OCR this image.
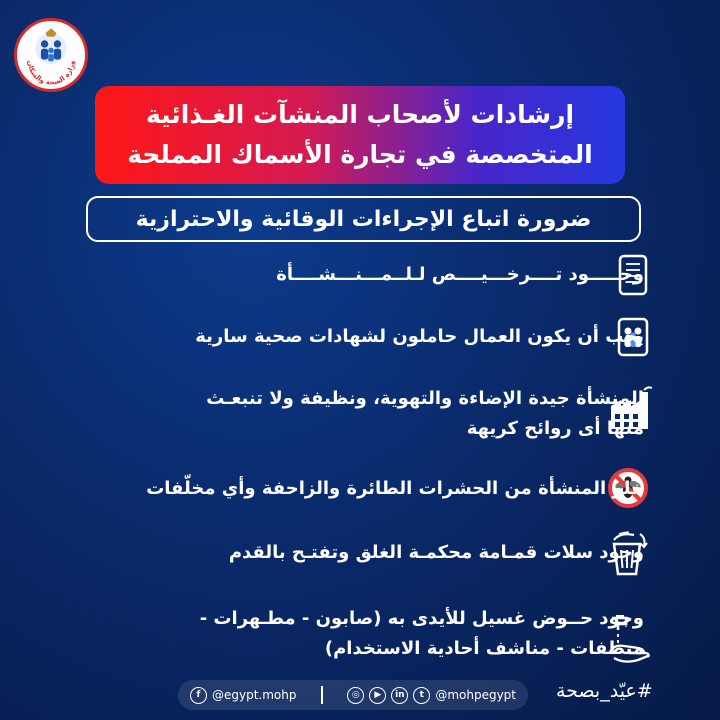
وزارة الصحة والسكان
إرشادات لأصحاب المنشآت الغـذائية
المتخصصة في تجارة الأسماك المملحة
ضرورة اتباع الإجراءات الوقائية والاحترازية
وجـــــود تــــرخـــيــــص لـلــمـــنـــشــــأة
يجب أن يكون العمال حاملون لشهادات صحية سارية
المنشأة جيدة الإضاءة والتهوية، ونظيفة ولا تنبعـث
منها أى روائح كريهة
خلو المنشأة من الحشرات الطائرة والزاحفة وأي مخلّفات
وجود سلات قمـامة محكمـة الغلق وتفتـح بالقدم
وجود حــوض غسيل للأيدى به (صابون - مطـهرات -
منظفات - مناشف أحادية الاستخدام)
f @egypt.mohp	◎	▶	in	t @mohpegypt #عيّد_بصحة
